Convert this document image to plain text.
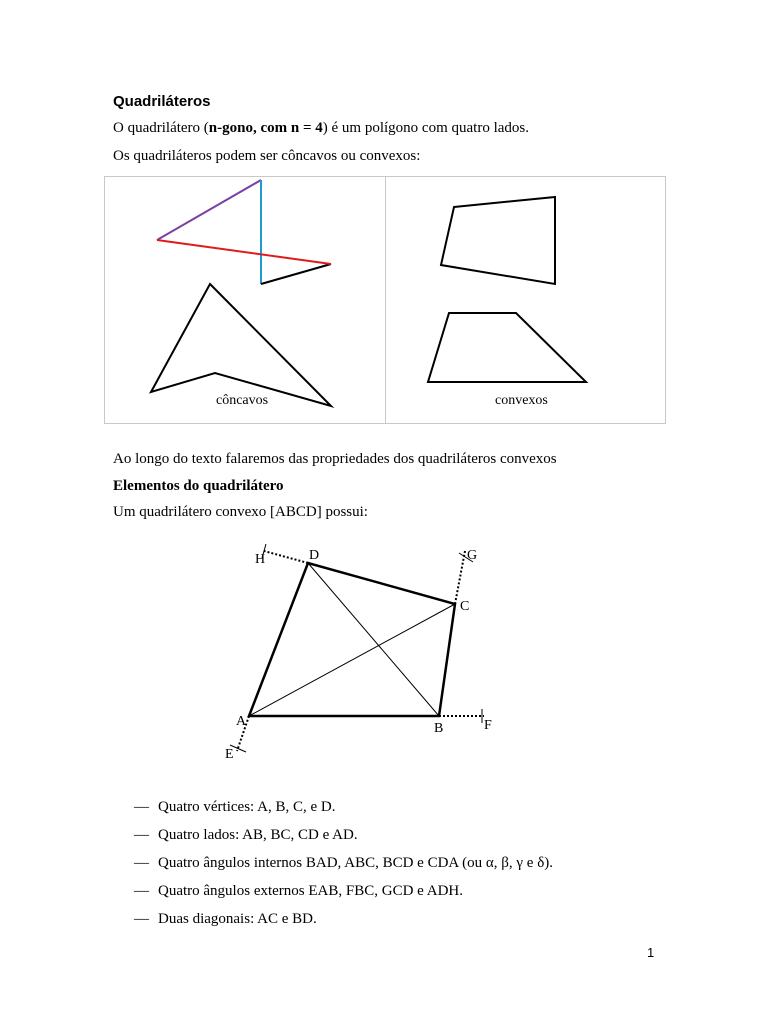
Quadriláteros
O quadrilátero (n-gono, com n = 4) é um polígono com quatro lados.
Os quadriláteros podem ser côncavos ou convexos:
côncavos	convexos
Ao longo do texto falaremos das propriedades dos quadriláteros convexos
Elementos do quadrilátero
Um quadrilátero convexo [ABCD] possui:
A	B
C
D
E
F
G
H
— Quatro vértices: A, B, C, e D.
— Quatro lados: AB, BC, CD e AD.
— Quatro ângulos internos BAD, ABC, BCD e CDA (ou α, β, γ e δ).
— Quatro ângulos externos EAB, FBC, GCD e ADH.
— Duas diagonais: AC e BD.
1
